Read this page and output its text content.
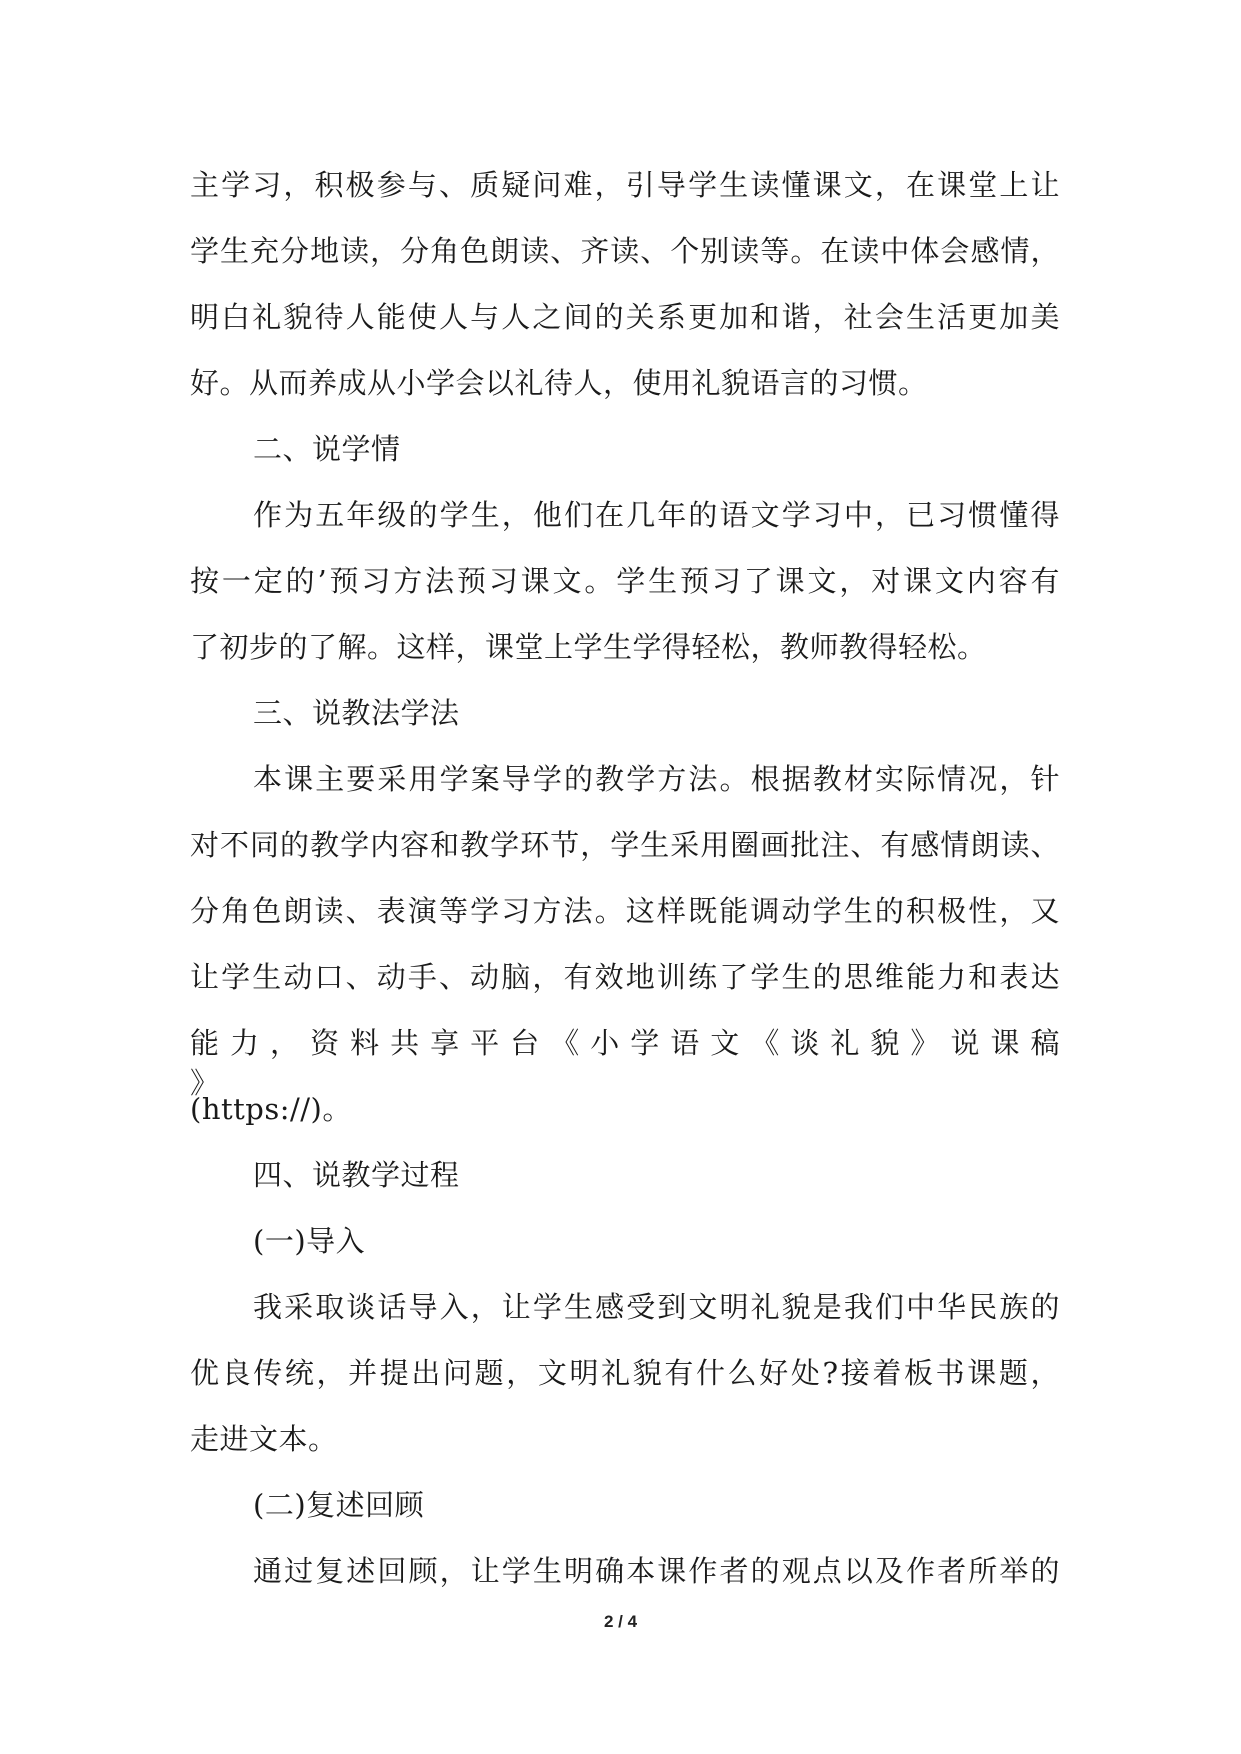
主学习，积极参与、质疑问难，引导学生读懂课文，在课堂上让
学生充分地读，分角色朗读、齐读、个别读等。在读中体会感情，
明白礼貌待人能使人与人之间的关系更加和谐，社会生活更加美
好。从而养成从小学会以礼待人，使用礼貌语言的习惯。
二、说学情
作为五年级的学生，他们在几年的语文学习中，已习惯懂得
按一定的’预习方法预习课文。学生预习了课文，对课文内容有
了初步的了解。这样，课堂上学生学得轻松，教师教得轻松。
三、说教法学法
本课主要采用学案导学的教学方法。根据教材实际情况，针
对不同的教学内容和教学环节，学生采用圈画批注、有感情朗读、
分角色朗读、表演等学习方法。这样既能调动学生的积极性，又
让学生动口、动手、动脑，有效地训练了学生的思维能力和表达
能 力 ， 资 料 共 享 平 台 《 小 学 语 文 《 谈 礼 貌 》 说 课 稿 》
(https://)。
四、说教学过程
(一)导入
我采取谈话导入，让学生感受到文明礼貌是我们中华民族的
优良传统，并提出问题，文明礼貌有什么好处?接着板书课题，
走进文本。
(二)复述回顾
通过复述回顾，让学生明确本课作者的观点以及作者所举的
2 / 4
